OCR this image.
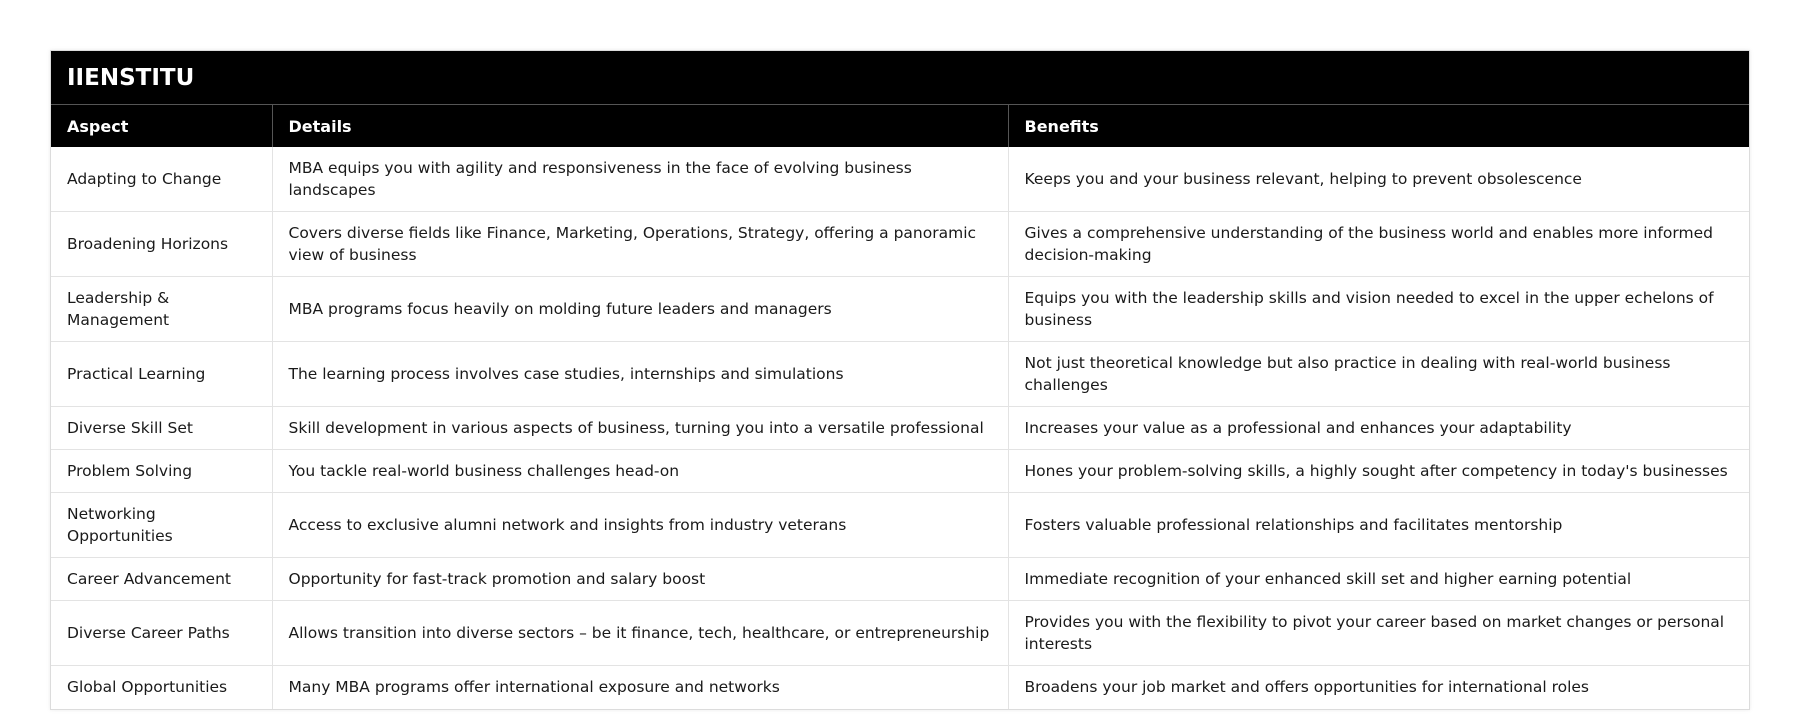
IIENSTITU
Aspect	Details	Benefits
Adapting to Change	MBA equips you with agility and responsiveness in the face of evolving business landscapes	Keeps you and your business relevant, helping to prevent obsolescence
Broadening Horizons	Covers diverse fields like Finance, Marketing, Operations, Strategy, offering a panoramic view of business	Gives a comprehensive understanding of the business world and enables more informed decision-making
Leadership & Management	MBA programs focus heavily on molding future leaders and managers	Equips you with the leadership skills and vision needed to excel in the upper echelons of business
Practical Learning	The learning process involves case studies, internships and simulations	Not just theoretical knowledge but also practice in dealing with real-world business challenges
Diverse Skill Set	Skill development in various aspects of business, turning you into a versatile professional	Increases your value as a professional and enhances your adaptability
Problem Solving	You tackle real-world business challenges head-on	Hones your problem-solving skills, a highly sought after competency in today's businesses
Networking Opportunities	Access to exclusive alumni network and insights from industry veterans	Fosters valuable professional relationships and facilitates mentorship
Career Advancement	Opportunity for fast-track promotion and salary boost	Immediate recognition of your enhanced skill set and higher earning potential
Diverse Career Paths	Allows transition into diverse sectors – be it finance, tech, healthcare, or entrepreneurship	Provides you with the flexibility to pivot your career based on market changes or personal interests
Global Opportunities	Many MBA programs offer international exposure and networks	Broadens your job market and offers opportunities for international roles
